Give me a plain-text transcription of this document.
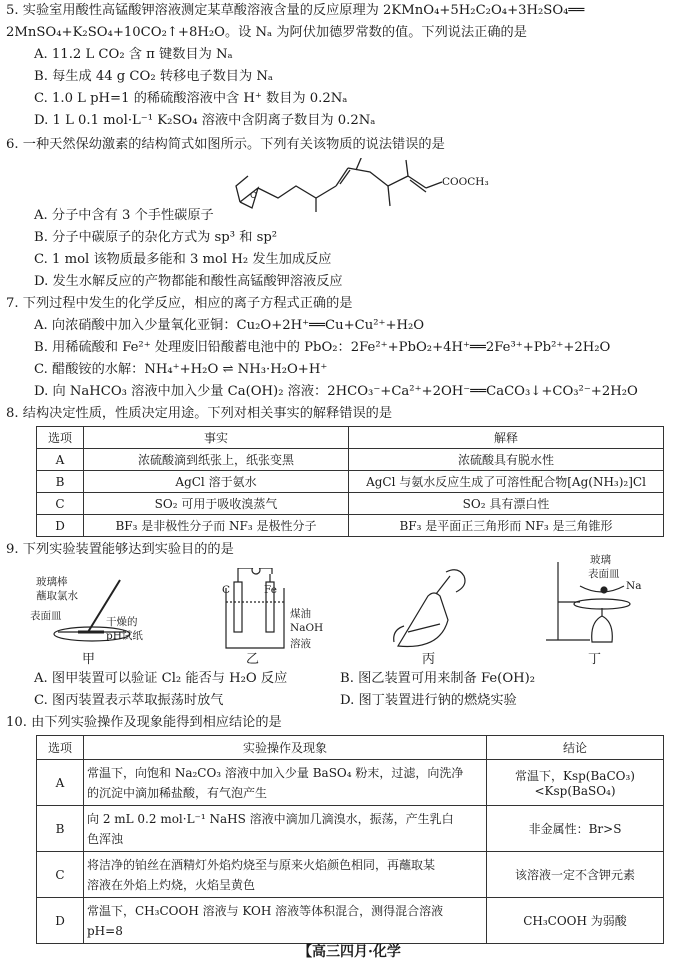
5. 实验室用酸性高锰酸钾溶液测定某草酸溶液含量的反应原理为 2KMnO₄+5H₂C₂O₄+3H₂SO₄══
2MnSO₄+K₂SO₄+10CO₂↑+8H₂O。设 Nₐ 为阿伏加德罗常数的值。下列说法正确的是
A. 11.2 L CO₂ 含 π 键数目为 Nₐ
B. 每生成 44 g CO₂ 转移电子数目为 Nₐ
C. 1.0 L pH=1 的稀硫酸溶液中含 H⁺ 数目为 0.2Nₐ
D. 1 L 0.1 mol·L⁻¹ K₂SO₄ 溶液中含阴离子数目为 0.2Nₐ
6. 一种天然保幼激素的结构简式如图所示。下列有关该物质的说法错误的是
O
COOCH₃
A. 分子中含有 3 个手性碳原子
B. 分子中碳原子的杂化方式为 sp³ 和 sp²
C. 1 mol 该物质最多能和 3 mol H₂ 发生加成反应
D. 发生水解反应的产物都能和酸性高锰酸钾溶液反应
7. 下列过程中发生的化学反应，相应的离子方程式正确的是
A. 向浓硝酸中加入少量氧化亚铜：Cu₂O+2H⁺══Cu+Cu²⁺+H₂O
B. 用稀硫酸和 Fe²⁺ 处理废旧铅酸蓄电池中的 PbO₂：2Fe²⁺+PbO₂+4H⁺══2Fe³⁺+Pb²⁺+2H₂O
C. 醋酸铵的水解：NH₄⁺+H₂O ⇌ NH₃·H₂O+H⁺
D. 向 NaHCO₃ 溶液中加入少量 Ca(OH)₂ 溶液：2HCO₃⁻+Ca²⁺+2OH⁻══CaCO₃↓+CO₃²⁻+2H₂O
8. 结构决定性质，性质决定用途。下列对相关事实的解释错误的是
选项	事实	解释
A	浓硫酸滴到纸张上，纸张变黑	浓硫酸具有脱水性
B	AgCl 溶于氨水	AgCl 与氨水反应生成了可溶性配合物[Ag(NH₃)₂]Cl
C	SO₂ 可用于吸收溴蒸气	SO₂ 具有漂白性
D	BF₃ 是非极性分子而 NF₃ 是极性分子	BF₃ 是平面正三角形而 NF₃ 是三角锥形
9. 下列实验装置能够达到实验目的的是
玻璃棒
蘸取氯水
表面皿	干燥的
pH试纸
甲
C	Fe
煤油
NaOH
溶液
乙	丙
玻璃
表面皿
Na
丁
A. 图甲装置可以验证 Cl₂ 能否与 H₂O 反应	B. 图乙装置可用来制备 Fe(OH)₂
C. 图丙装置表示萃取振荡时放气	D. 图丁装置进行钠的燃烧实验
10. 由下列实验操作及现象能得到相应结论的是
选项	实验操作及现象	结论
A	常温下，向饱和 Na₂CO₃ 溶液中加入少量 BaSO₄ 粉末，过滤，向洗净
的沉淀中滴加稀盐酸，有气泡产生	常温下，Ksp(BaCO₃)<Ksp(BaSO₄)
B	向 2 mL 0.2 mol·L⁻¹ NaHS 溶液中滴加几滴溴水，振荡，产生乳白
色浑浊	非金属性：Br>S
C	将洁净的铂丝在酒精灯外焰灼烧至与原来火焰颜色相同，再蘸取某
溶液在外焰上灼烧，火焰呈黄色	该溶液一定不含钾元素
D	常温下，CH₃COOH 溶液与 KOH 溶液等体积混合，测得混合溶液
pH=8	CH₃COOH 为弱酸
【高三四月·化学
